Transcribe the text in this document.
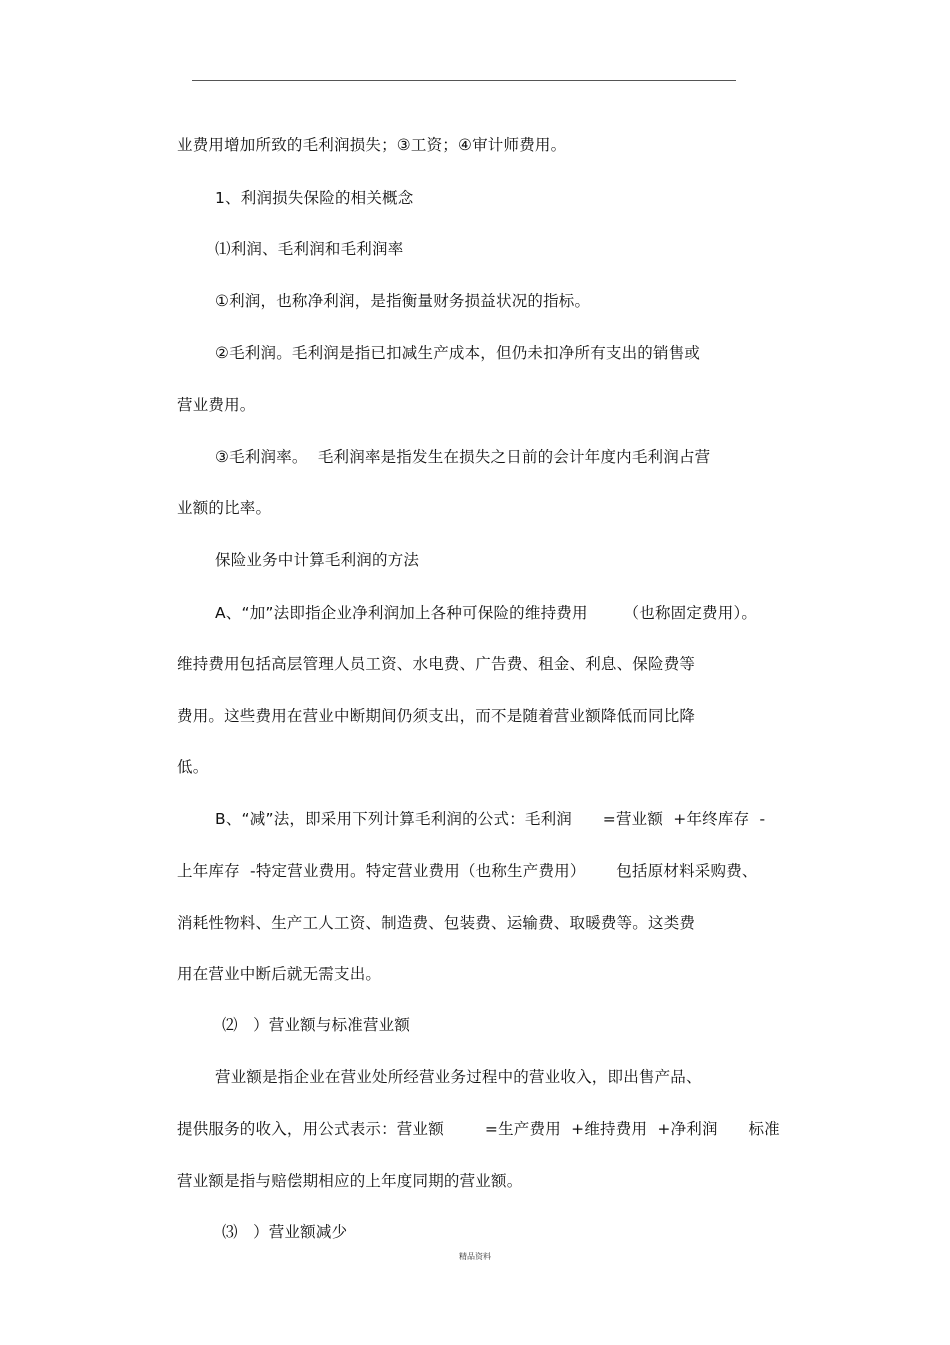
业费用增加所致的毛利润损失；③工资；④审计师费用。
1、利润损失保险的相关概念
⑴利润、毛利润和毛利润率
①利润，也称净利润，是指衡量财务损益状况的指标。
②毛利润。毛利润是指已扣减生产成本，但仍未扣净所有支出的销售或
营业费用。
③毛利润率。  毛利润率是指发生在损失之日前的会计年度内毛利润占营
业额的比率。
保险业务中计算毛利润的方法
A、“加”法即指企业净利润加上各种可保险的维持费用       （也称固定费用）。
维持费用包括高层管理人员工资、水电费、广告费、租金、利息、保险费等
费用。这些费用在营业中断期间仍须支出，而不是随着营业额降低而同比降
低。
B、“减”法，即采用下列计算毛利润的公式：毛利润      =营业额  +年终库存  -
上年库存  -特定营业费用。特定营业费用（也称生产费用）      包括原材料采购费、
消耗性物料、生产工人工资、制造费、包装费、运输费、取暖费等。这类费
用在营业中断后就无需支出。
⑵   ）营业额与标准营业额
营业额是指企业在营业处所经营业务过程中的营业收入，即出售产品、
提供服务的收入，用公式表示：营业额        =生产费用  +维持费用  +净利润      标准
营业额是指与赔偿期相应的上年度同期的营业额。
⑶   ）营业额减少
精品资料
